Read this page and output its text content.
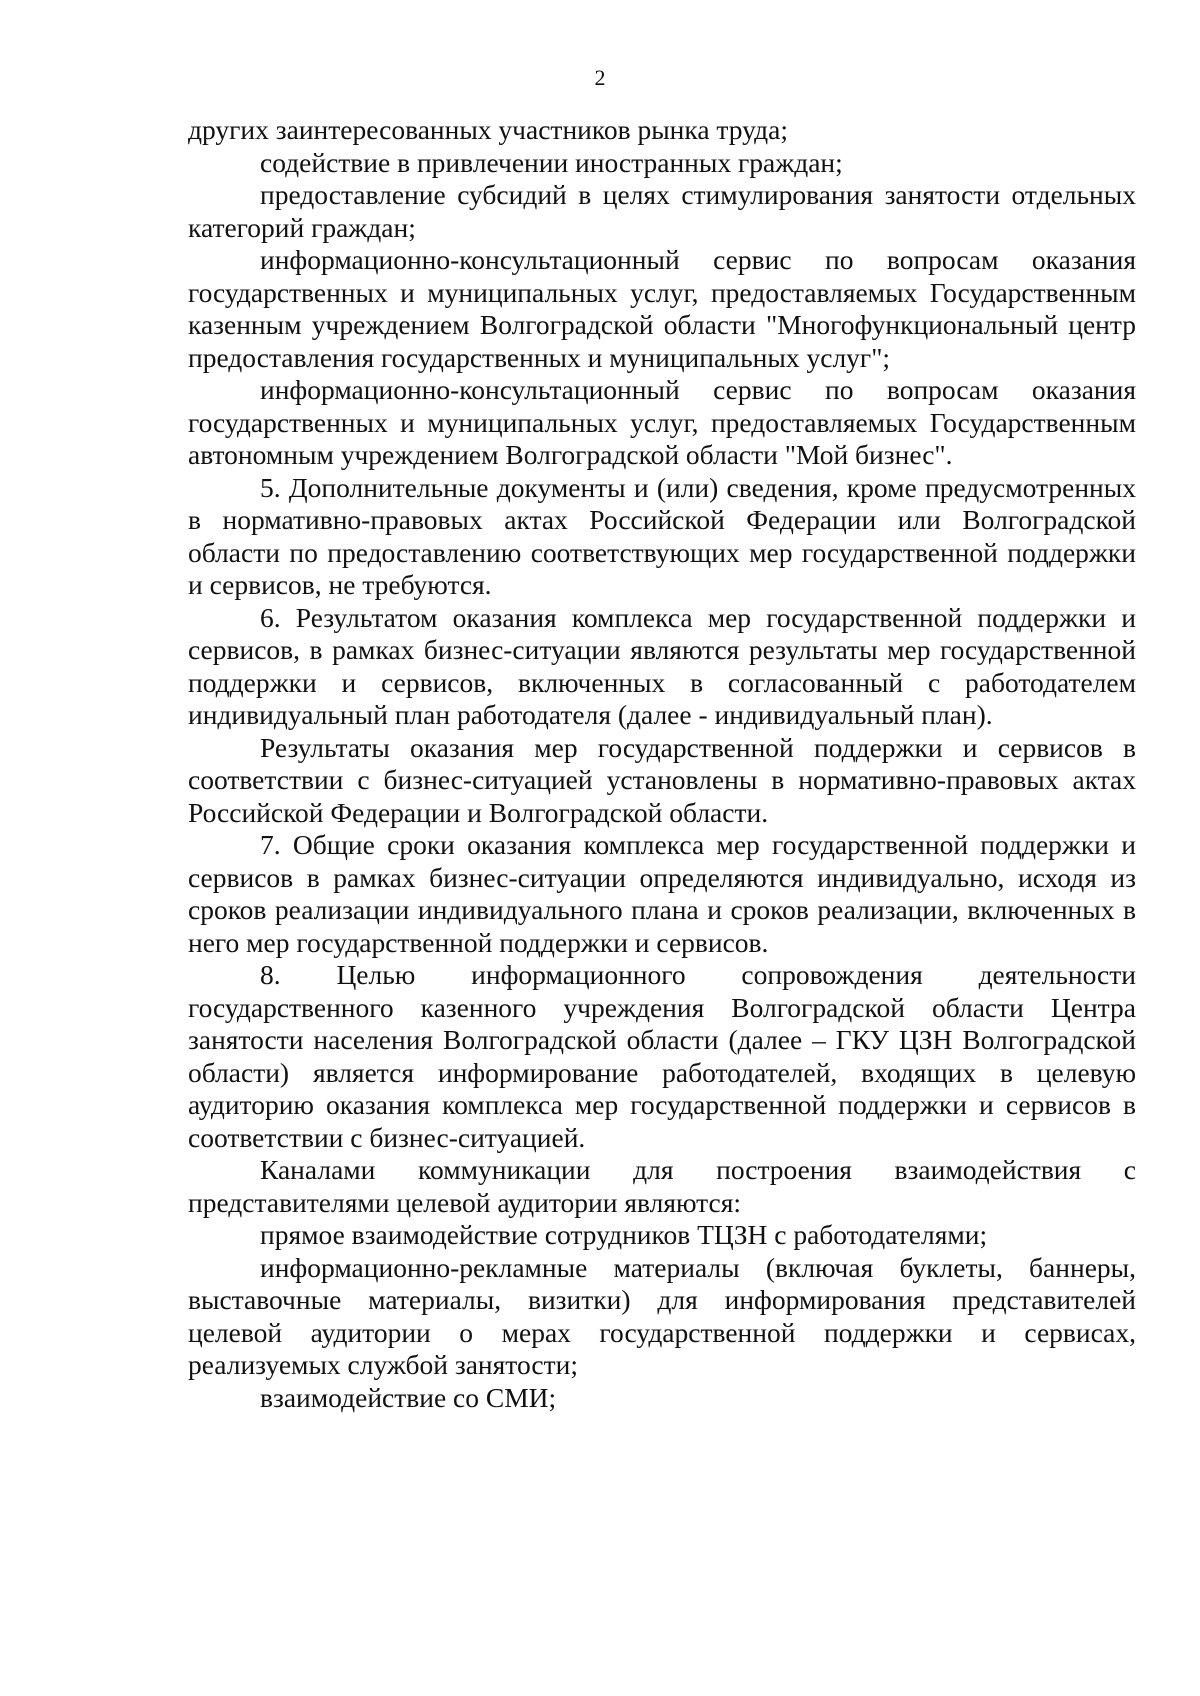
2

других заинтересованных участников рынка труда;

содействие в привлечении иностранных граждан;

предоставление субсидий в целях стимулирования занятости отдельных категорий граждан;

информационно-консультационный сервис по вопросам оказания государственных и муниципальных услуг, предоставляемых Государственным казенным учреждением Волгоградской области "Многофункциональный центр предоставления государственных и муниципальных услуг";

информационно-консультационный сервис по вопросам оказания государственных и муниципальных услуг, предоставляемых Государственным автономным учреждением Волгоградской области "Мой бизнес".

5. Дополнительные документы и (или) сведения, кроме предусмотренных в нормативно-правовых актах Российской Федерации или Волгоградской области по предоставлению соответствующих мер государственной поддержки и сервисов, не требуются.

6. Результатом оказания комплекса мер государственной поддержки и сервисов, в рамках бизнес-ситуации являются результаты мер государственной поддержки и сервисов, включенных в согласованный с работодателем индивидуальный план работодателя (далее - индивидуальный план).

Результаты оказания мер государственной поддержки и сервисов в соответствии с бизнес-ситуацией установлены в нормативно-правовых актах Российской Федерации и Волгоградской области.

7. Общие сроки оказания комплекса мер государственной поддержки и сервисов в рамках бизнес-ситуации определяются индивидуально, исходя из сроков реализации индивидуального плана и сроков реализации, включенных в него мер государственной поддержки и сервисов.

8. Целью информационного сопровождения деятельности государственного казенного учреждения Волгоградской области Центра занятости населения Волгоградской области (далее – ГКУ ЦЗН Волгоградской области) является информирование работодателей, входящих в целевую аудиторию оказания комплекса мер государственной поддержки и сервисов в соответствии с бизнес-ситуацией.

Каналами коммуникации для построения взаимодействия с представителями целевой аудитории являются:

прямое взаимодействие сотрудников ТЦЗН с работодателями;

информационно-рекламные материалы (включая буклеты, баннеры, выставочные материалы, визитки) для информирования представителей целевой аудитории о мерах государственной поддержки и сервисах, реализуемых службой занятости;

взаимодействие со СМИ;
